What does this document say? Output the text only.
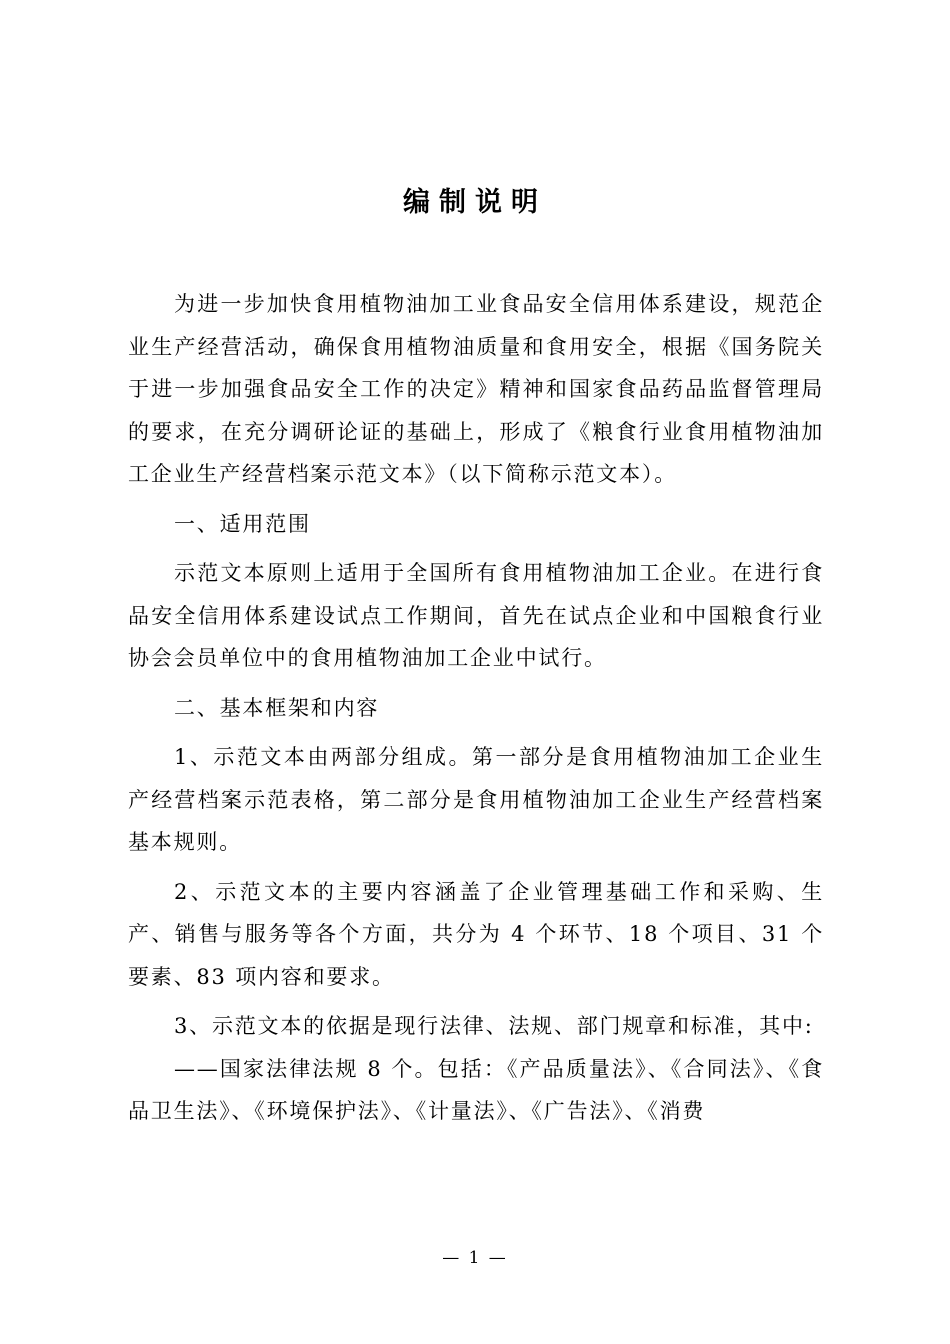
编制说明

为进一步加快食用植物油加工业食品安全信用体系建设，规范企业生产经营活动，确保食用植物油质量和食用安全，根据《国务院关于进一步加强食品安全工作的决定》精神和国家食品药品监督管理局的要求，在充分调研论证的基础上，形成了《粮食行业食用植物油加工企业生产经营档案示范文本》（以下简称示范文本）。

一、适用范围

示范文本原则上适用于全国所有食用植物油加工企业。在进行食品安全信用体系建设试点工作期间，首先在试点企业和中国粮食行业协会会员单位中的食用植物油加工企业中试行。

二、基本框架和内容

1、示范文本由两部分组成。第一部分是食用植物油加工企业生产经营档案示范表格，第二部分是食用植物油加工企业生产经营档案基本规则。

2、示范文本的主要内容涵盖了企业管理基础工作和采购、生产、销售与服务等各个方面，共分为 4 个环节、18 个项目、31 个要素、83 项内容和要求。

3、示范文本的依据是现行法律、法规、部门规章和标准，其中:

——国家法律法规 8 个。包括：《产品质量法》、《合同法》、《食品卫生法》、《环境保护法》、《计量法》、《广告法》、《消费

— 1 —
